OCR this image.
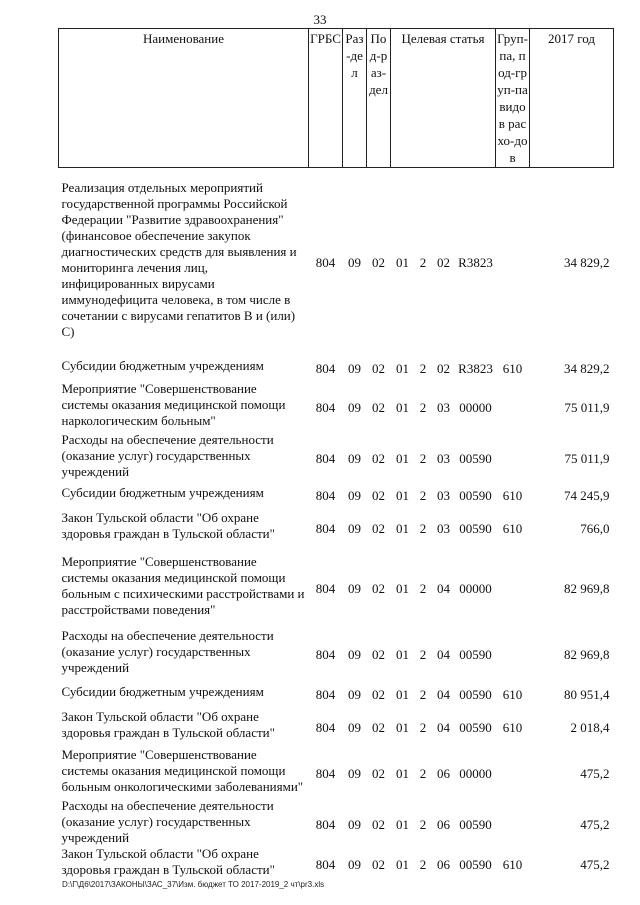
33
Наименование	ГРБС	Раз-дел	Под-раз-дел	Целевая статья				Груп-па, под-груп-па видов расхо-дов	2017 год
Реализация отдельных мероприятий государственной программы Российской Федерации "Развитие здравоохранения" (финансовое обеспечение закупок диагностических средств для выявления и мониторинга лечения лиц, инфицированных вирусами иммунодефицита человека, в том числе в сочетании с вирусами гепатитов B и (или) C)	804	09	02	01	2	02	R3823		34 829,2
Субсидии бюджетным учреждениям	804	09	02	01	2	02	R3823	610	34 829,2
Мероприятие "Совершенствование системы оказания медицинской помощи наркологическим больным"	804	09	02	01	2	03	00000		75 011,9
Расходы на обеспечение деятельности (оказание услуг) государственных учреждений	804	09	02	01	2	03	00590		75 011,9
Субсидии бюджетным учреждениям	804	09	02	01	2	03	00590	610	74 245,9
Закон Тульской области "Об охране здоровья граждан в Тульской области"	804	09	02	01	2	03	00590	610	766,0
Мероприятие "Совершенствование системы оказания медицинской помощи больным с психическими расстройствами и расстройствами поведения"	804	09	02	01	2	04	00000		82 969,8
Расходы на обеспечение деятельности (оказание услуг) государственных учреждений	804	09	02	01	2	04	00590		82 969,8
Субсидии бюджетным учреждениям	804	09	02	01	2	04	00590	610	80 951,4
Закон Тульской области "Об охране здоровья граждан в Тульской области"	804	09	02	01	2	04	00590	610	2 018,4
Мероприятие "Совершенствование системы оказания медицинской помощи больным онкологическими заболеваниями"	804	09	02	01	2	06	00000		475,2
Расходы на обеспечение деятельности (оказание услуг) государственных учреждений	804	09	02	01	2	06	00590		475,2
Закон Тульской области "Об охране здоровья граждан в Тульской области"	804	09	02	01	2	06	00590	610	475,2
D:\Г\Д6\2017\ЗАКОНЫ\ЗАС_37\Изм. бюджет ТО 2017-2019_2 чт\pr3.xls
